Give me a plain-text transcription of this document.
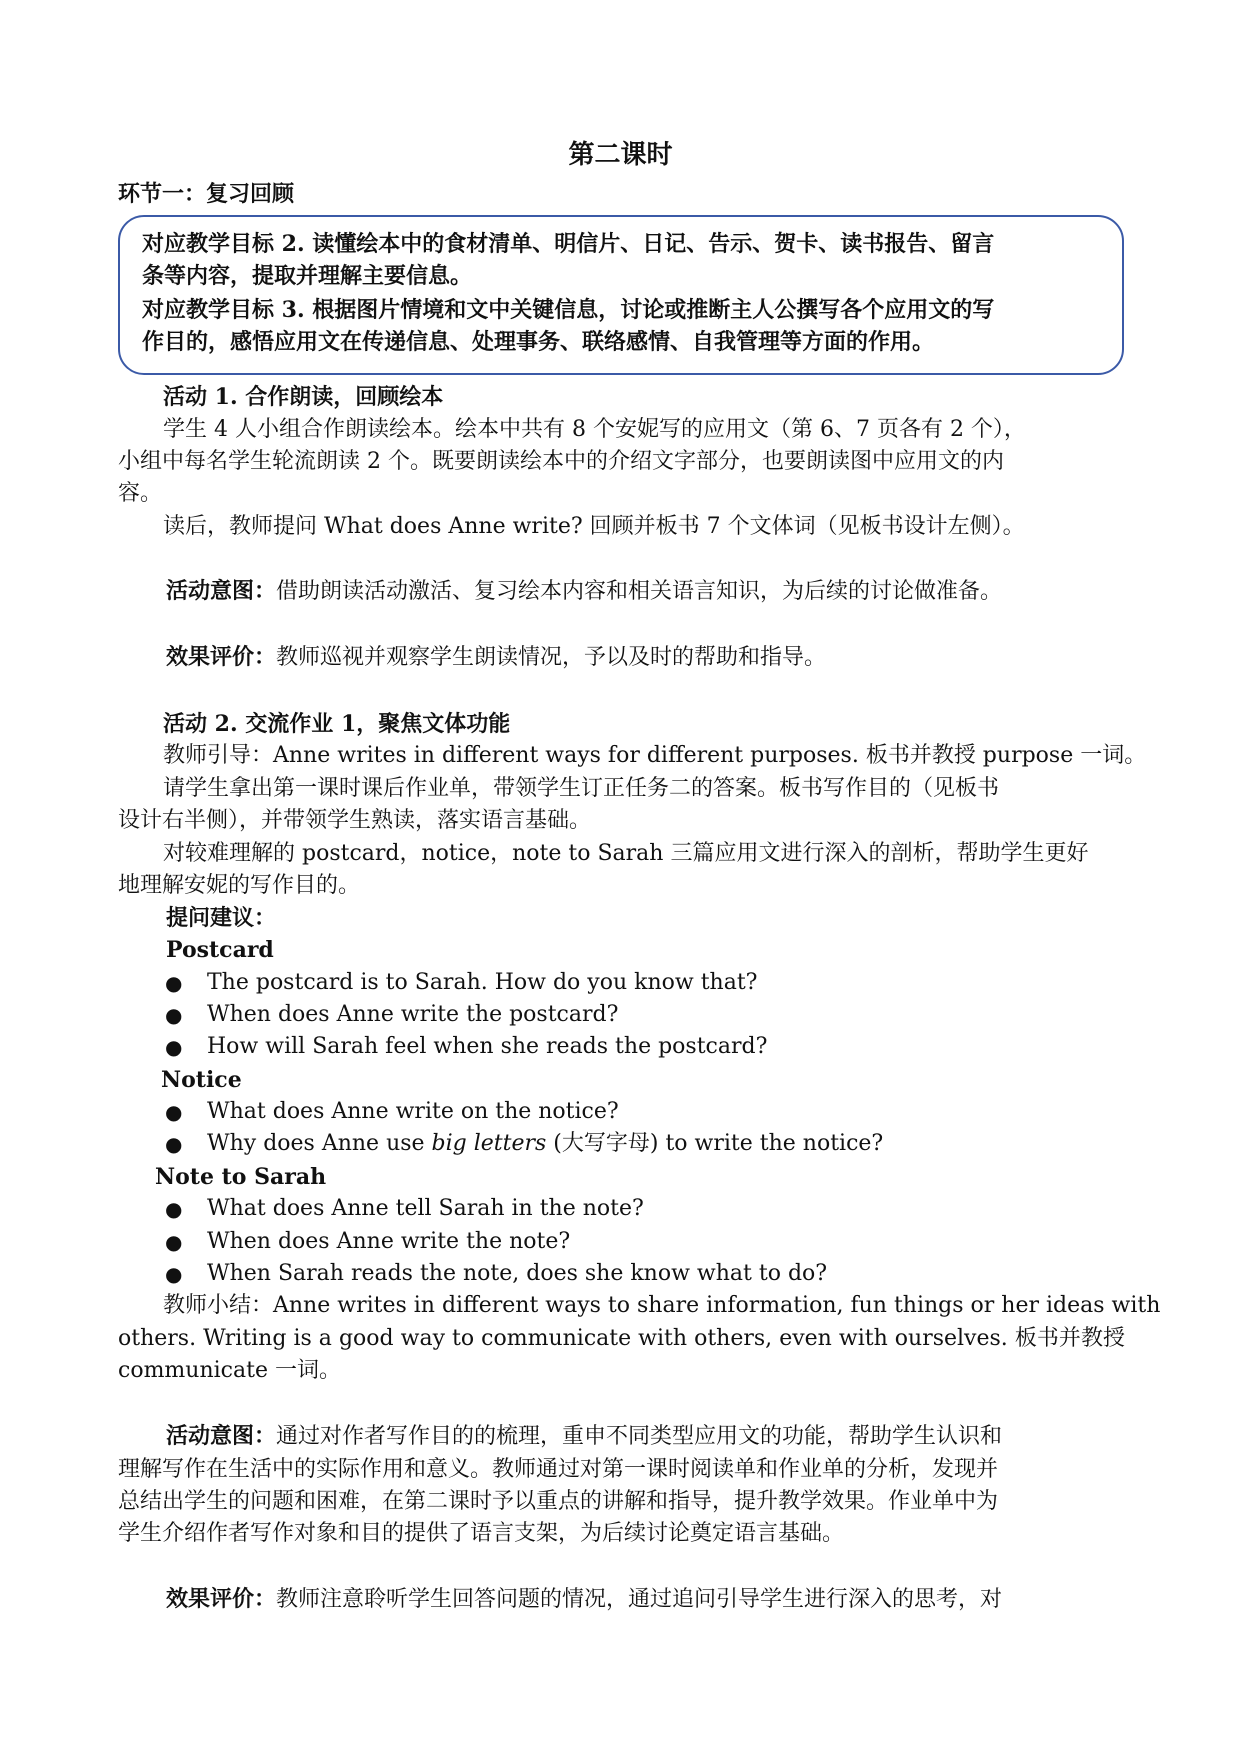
第二课时
环节一：复习回顾
对应教学目标 2. 读懂绘本中的食材清单、明信片、日记、告示、贺卡、读书报告、留言
条等内容，提取并理解主要信息。
对应教学目标 3. 根据图片情境和文中关键信息，讨论或推断主人公撰写各个应用文的写
作目的，感悟应用文在传递信息、处理事务、联络感情、自我管理等方面的作用。
活动 1. 合作朗读，回顾绘本
学生 4 人小组合作朗读绘本。绘本中共有 8 个安妮写的应用文（第 6、7 页各有 2 个），
小组中每名学生轮流朗读 2 个。既要朗读绘本中的介绍文字部分，也要朗读图中应用文的内
容。
读后，教师提问 What does Anne write? 回顾并板书 7 个文体词（见板书设计左侧）。
活动意图：借助朗读活动激活、复习绘本内容和相关语言知识，为后续的讨论做准备。
效果评价：教师巡视并观察学生朗读情况，予以及时的帮助和指导。
活动 2. 交流作业 1，聚焦文体功能
教师引导：Anne writes in different ways for different purposes. 板书并教授 purpose 一词。
请学生拿出第一课时课后作业单，带领学生订正任务二的答案。板书写作目的（见板书
设计右半侧），并带领学生熟读，落实语言基础。
对较难理解的 postcard，notice，note to Sarah 三篇应用文进行深入的剖析，帮助学生更好
地理解安妮的写作目的。
提问建议：
Postcard
● The postcard is to Sarah. How do you know that?
● When does Anne write the postcard?
● How will Sarah feel when she reads the postcard?
Notice
● What does Anne write on the notice?
● Why does Anne use big letters (大写字母) to write the notice?
Note to Sarah
● What does Anne tell Sarah in the note?
● When does Anne write the note?
● When Sarah reads the note, does she know what to do?
教师小结：Anne writes in different ways to share information, fun things or her ideas with
others. Writing is a good way to communicate with others, even with ourselves. 板书并教授
communicate 一词。
活动意图：通过对作者写作目的的梳理，重申不同类型应用文的功能，帮助学生认识和
理解写作在生活中的实际作用和意义。教师通过对第一课时阅读单和作业单的分析，发现并
总结出学生的问题和困难，在第二课时予以重点的讲解和指导，提升教学效果。作业单中为
学生介绍作者写作对象和目的提供了语言支架，为后续讨论奠定语言基础。
效果评价：教师注意聆听学生回答问题的情况，通过追问引导学生进行深入的思考，对
